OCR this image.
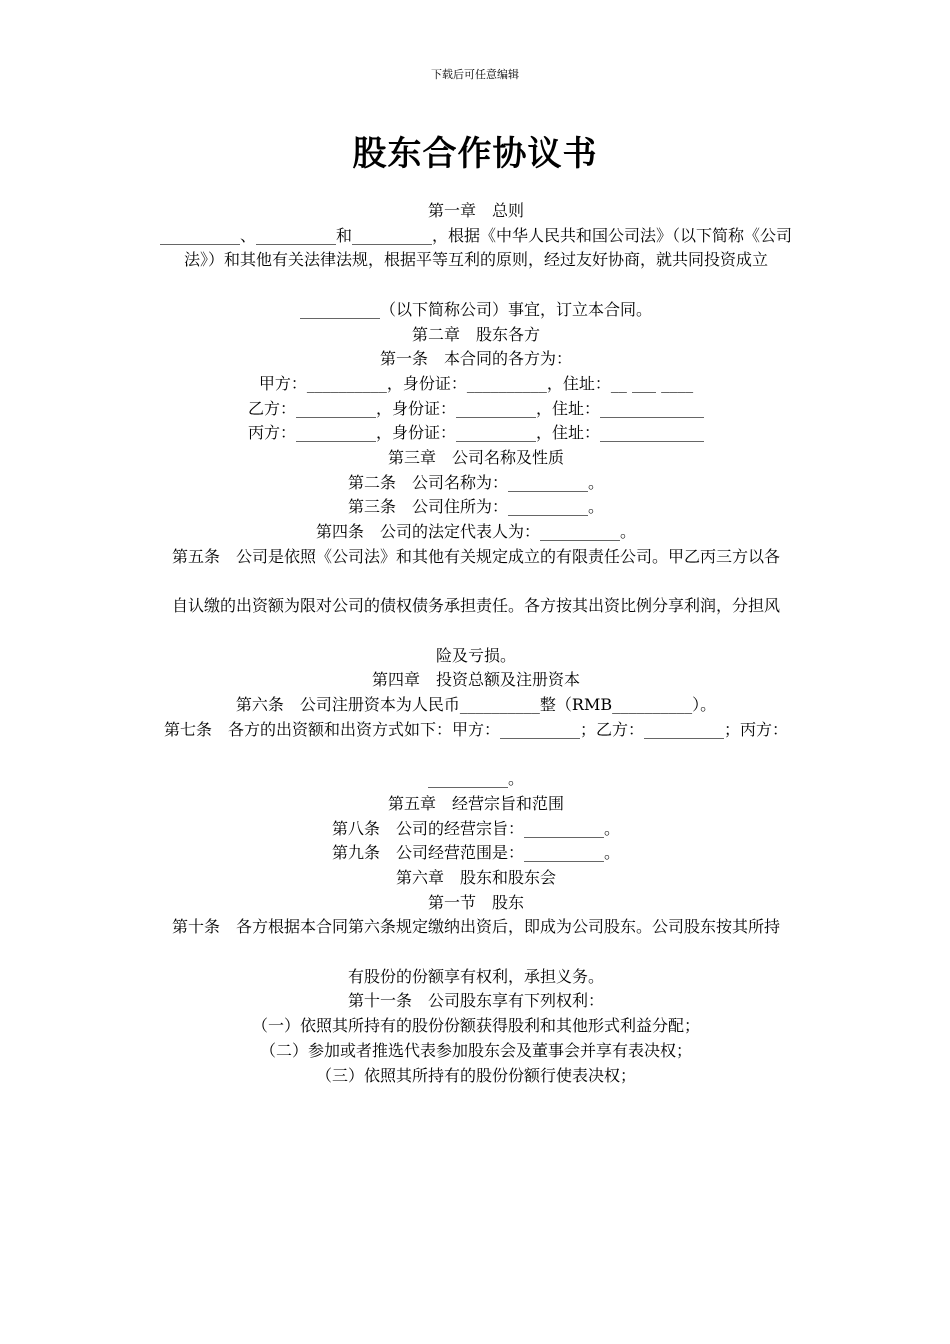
下载后可任意编辑
股东合作协议书

第一章　总则

__________、__________和__________，根据《中华人民共和国公司法》（以下简称《公司法》）和其他有关法律法规，根据平等互利的原则，经过友好协商，就共同投资成立

__________（以下简称公司）事宜，订立本合同。

第二章　股东各方

第一条　本合同的各方为：

甲方：__________，身份证：__________，住址：__ ___ ____

乙方：__________，身份证：__________，住址：_____________

丙方：__________，身份证：__________，住址：_____________

第三章　公司名称及性质

第二条　公司名称为：__________。

第三条　公司住所为：__________。

第四条　公司的法定代表人为：__________。

第五条　公司是依照《公司法》和其他有关规定成立的有限责任公司。甲乙丙三方以各

自认缴的出资额为限对公司的债权债务承担责任。各方按其出资比例分享利润，分担风

险及亏损。

第四章　投资总额及注册资本

第六条　公司注册资本为人民币__________整（RMB__________）。

第七条　各方的出资额和出资方式如下：甲方：__________；乙方：__________；丙方：

__________。

第五章　经营宗旨和范围

第八条　公司的经营宗旨：__________。

第九条　公司经营范围是：__________。

第六章　股东和股东会

第一节　股东

第十条　各方根据本合同第六条规定缴纳出资后，即成为公司股东。公司股东按其所持

有股份的份额享有权利，承担义务。

第十一条　公司股东享有下列权利：

（一）依照其所持有的股份份额获得股利和其他形式利益分配；

（二）参加或者推选代表参加股东会及董事会并享有表决权；

（三）依照其所持有的股份份额行使表决权；
